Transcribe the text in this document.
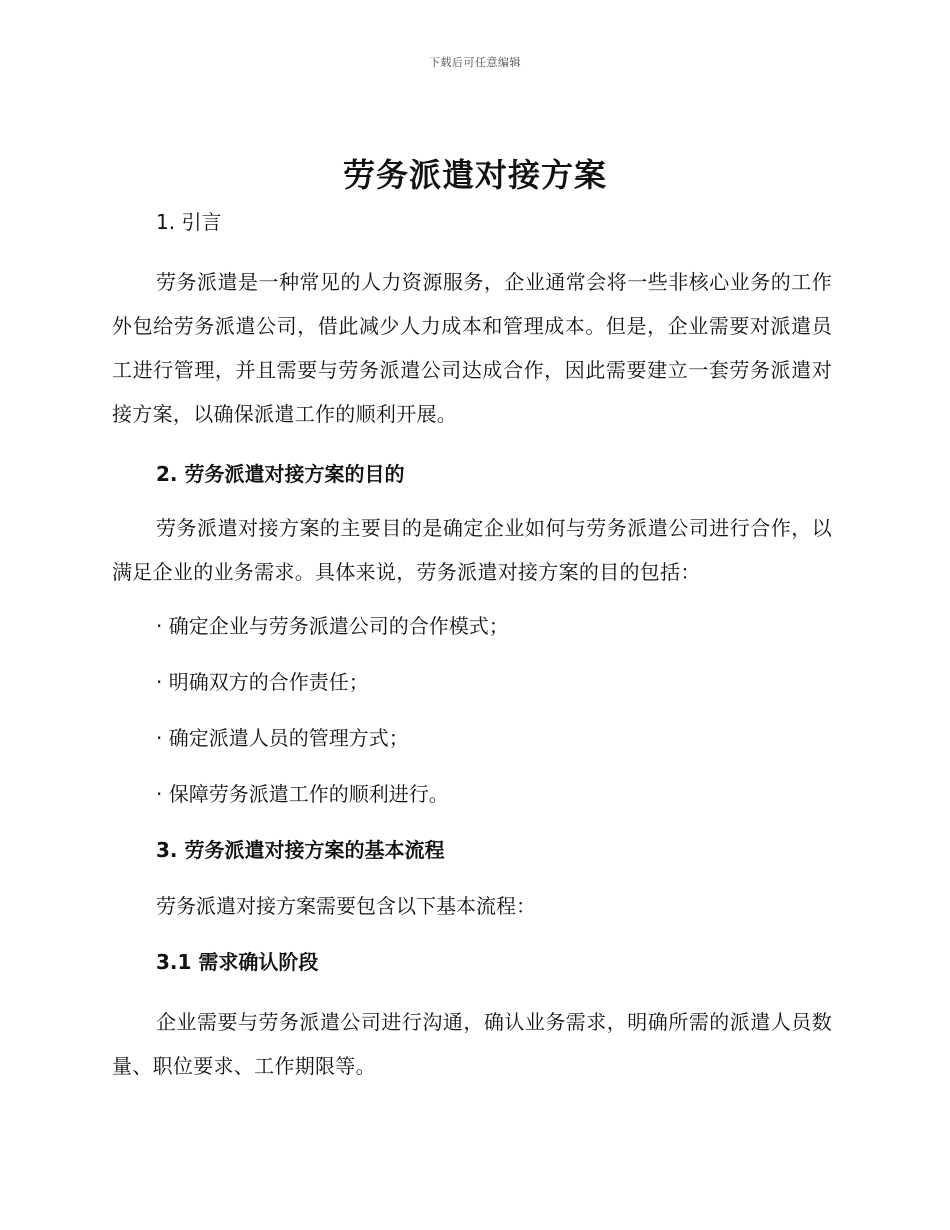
下载后可任意编辑
劳务派遣对接方案

1. 引言

劳务派遣是一种常见的人力资源服务，企业通常会将一些非核心业务的工作外包给劳务派遣公司，借此减少人力成本和管理成本。但是，企业需要对派遣员工进行管理，并且需要与劳务派遣公司达成合作，因此需要建立一套劳务派遣对接方案，以确保派遣工作的顺利开展。

2. 劳务派遣对接方案的目的

劳务派遣对接方案的主要目的是确定企业如何与劳务派遣公司进行合作，以满足企业的业务需求。具体来说，劳务派遣对接方案的目的包括：

· 确定企业与劳务派遣公司的合作模式；

· 明确双方的合作责任；

· 确定派遣人员的管理方式；

· 保障劳务派遣工作的顺利进行。

3. 劳务派遣对接方案的基本流程

劳务派遣对接方案需要包含以下基本流程：

3.1 需求确认阶段

企业需要与劳务派遣公司进行沟通，确认业务需求，明确所需的派遣人员数量、职位要求、工作期限等。
